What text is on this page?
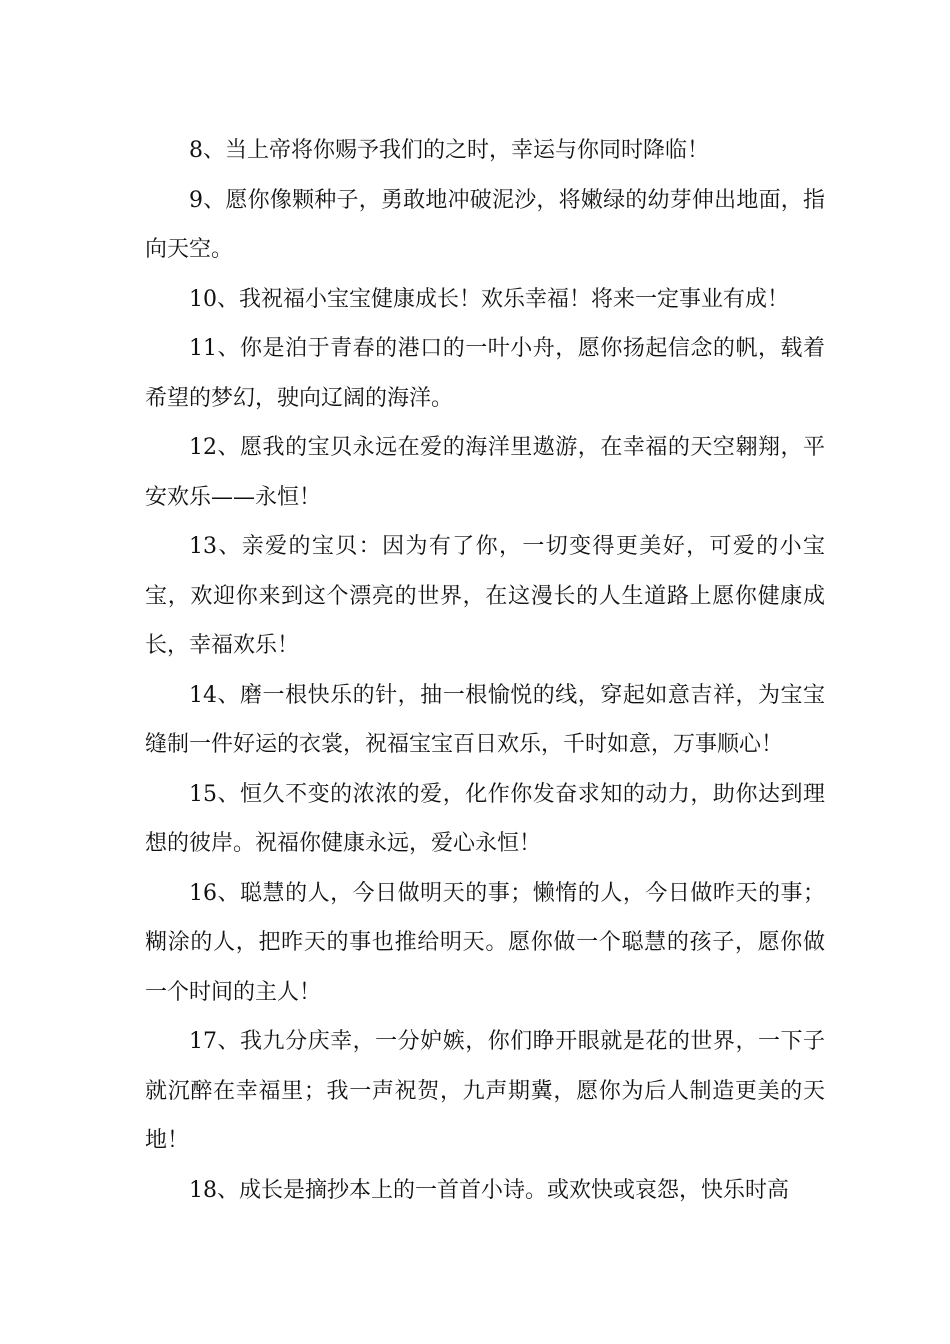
8、当上帝将你赐予我们的之时，幸运与你同时降临！

9、愿你像颗种子，勇敢地冲破泥沙，将嫩绿的幼芽伸出地面，指向天空。

10、我祝福小宝宝健康成长！欢乐幸福！将来一定事业有成！

11、你是泊于青春的港口的一叶小舟，愿你扬起信念的帆，载着希望的梦幻，驶向辽阔的海洋。

12、愿我的宝贝永远在爱的海洋里遨游，在幸福的天空翱翔，平安欢乐——永恒！

13、亲爱的宝贝：因为有了你，一切变得更美好，可爱的小宝宝，欢迎你来到这个漂亮的世界，在这漫长的人生道路上愿你健康成长，幸福欢乐！

14、磨一根快乐的针，抽一根愉悦的线，穿起如意吉祥，为宝宝缝制一件好运的衣裳，祝福宝宝百日欢乐，千时如意，万事顺心！

15、恒久不变的浓浓的爱，化作你发奋求知的动力，助你达到理想的彼岸。祝福你健康永远，爱心永恒！

16、聪慧的人，今日做明天的事；懒惰的人，今日做昨天的事；糊涂的人，把昨天的事也推给明天。愿你做一个聪慧的孩子，愿你做一个时间的主人！

17、我九分庆幸，一分妒嫉，你们睁开眼就是花的世界，一下子就沉醉在幸福里；我一声祝贺，九声期冀，愿你为后人制造更美的天地！

18、成长是摘抄本上的一首首小诗。或欢快或哀怨，快乐时高
